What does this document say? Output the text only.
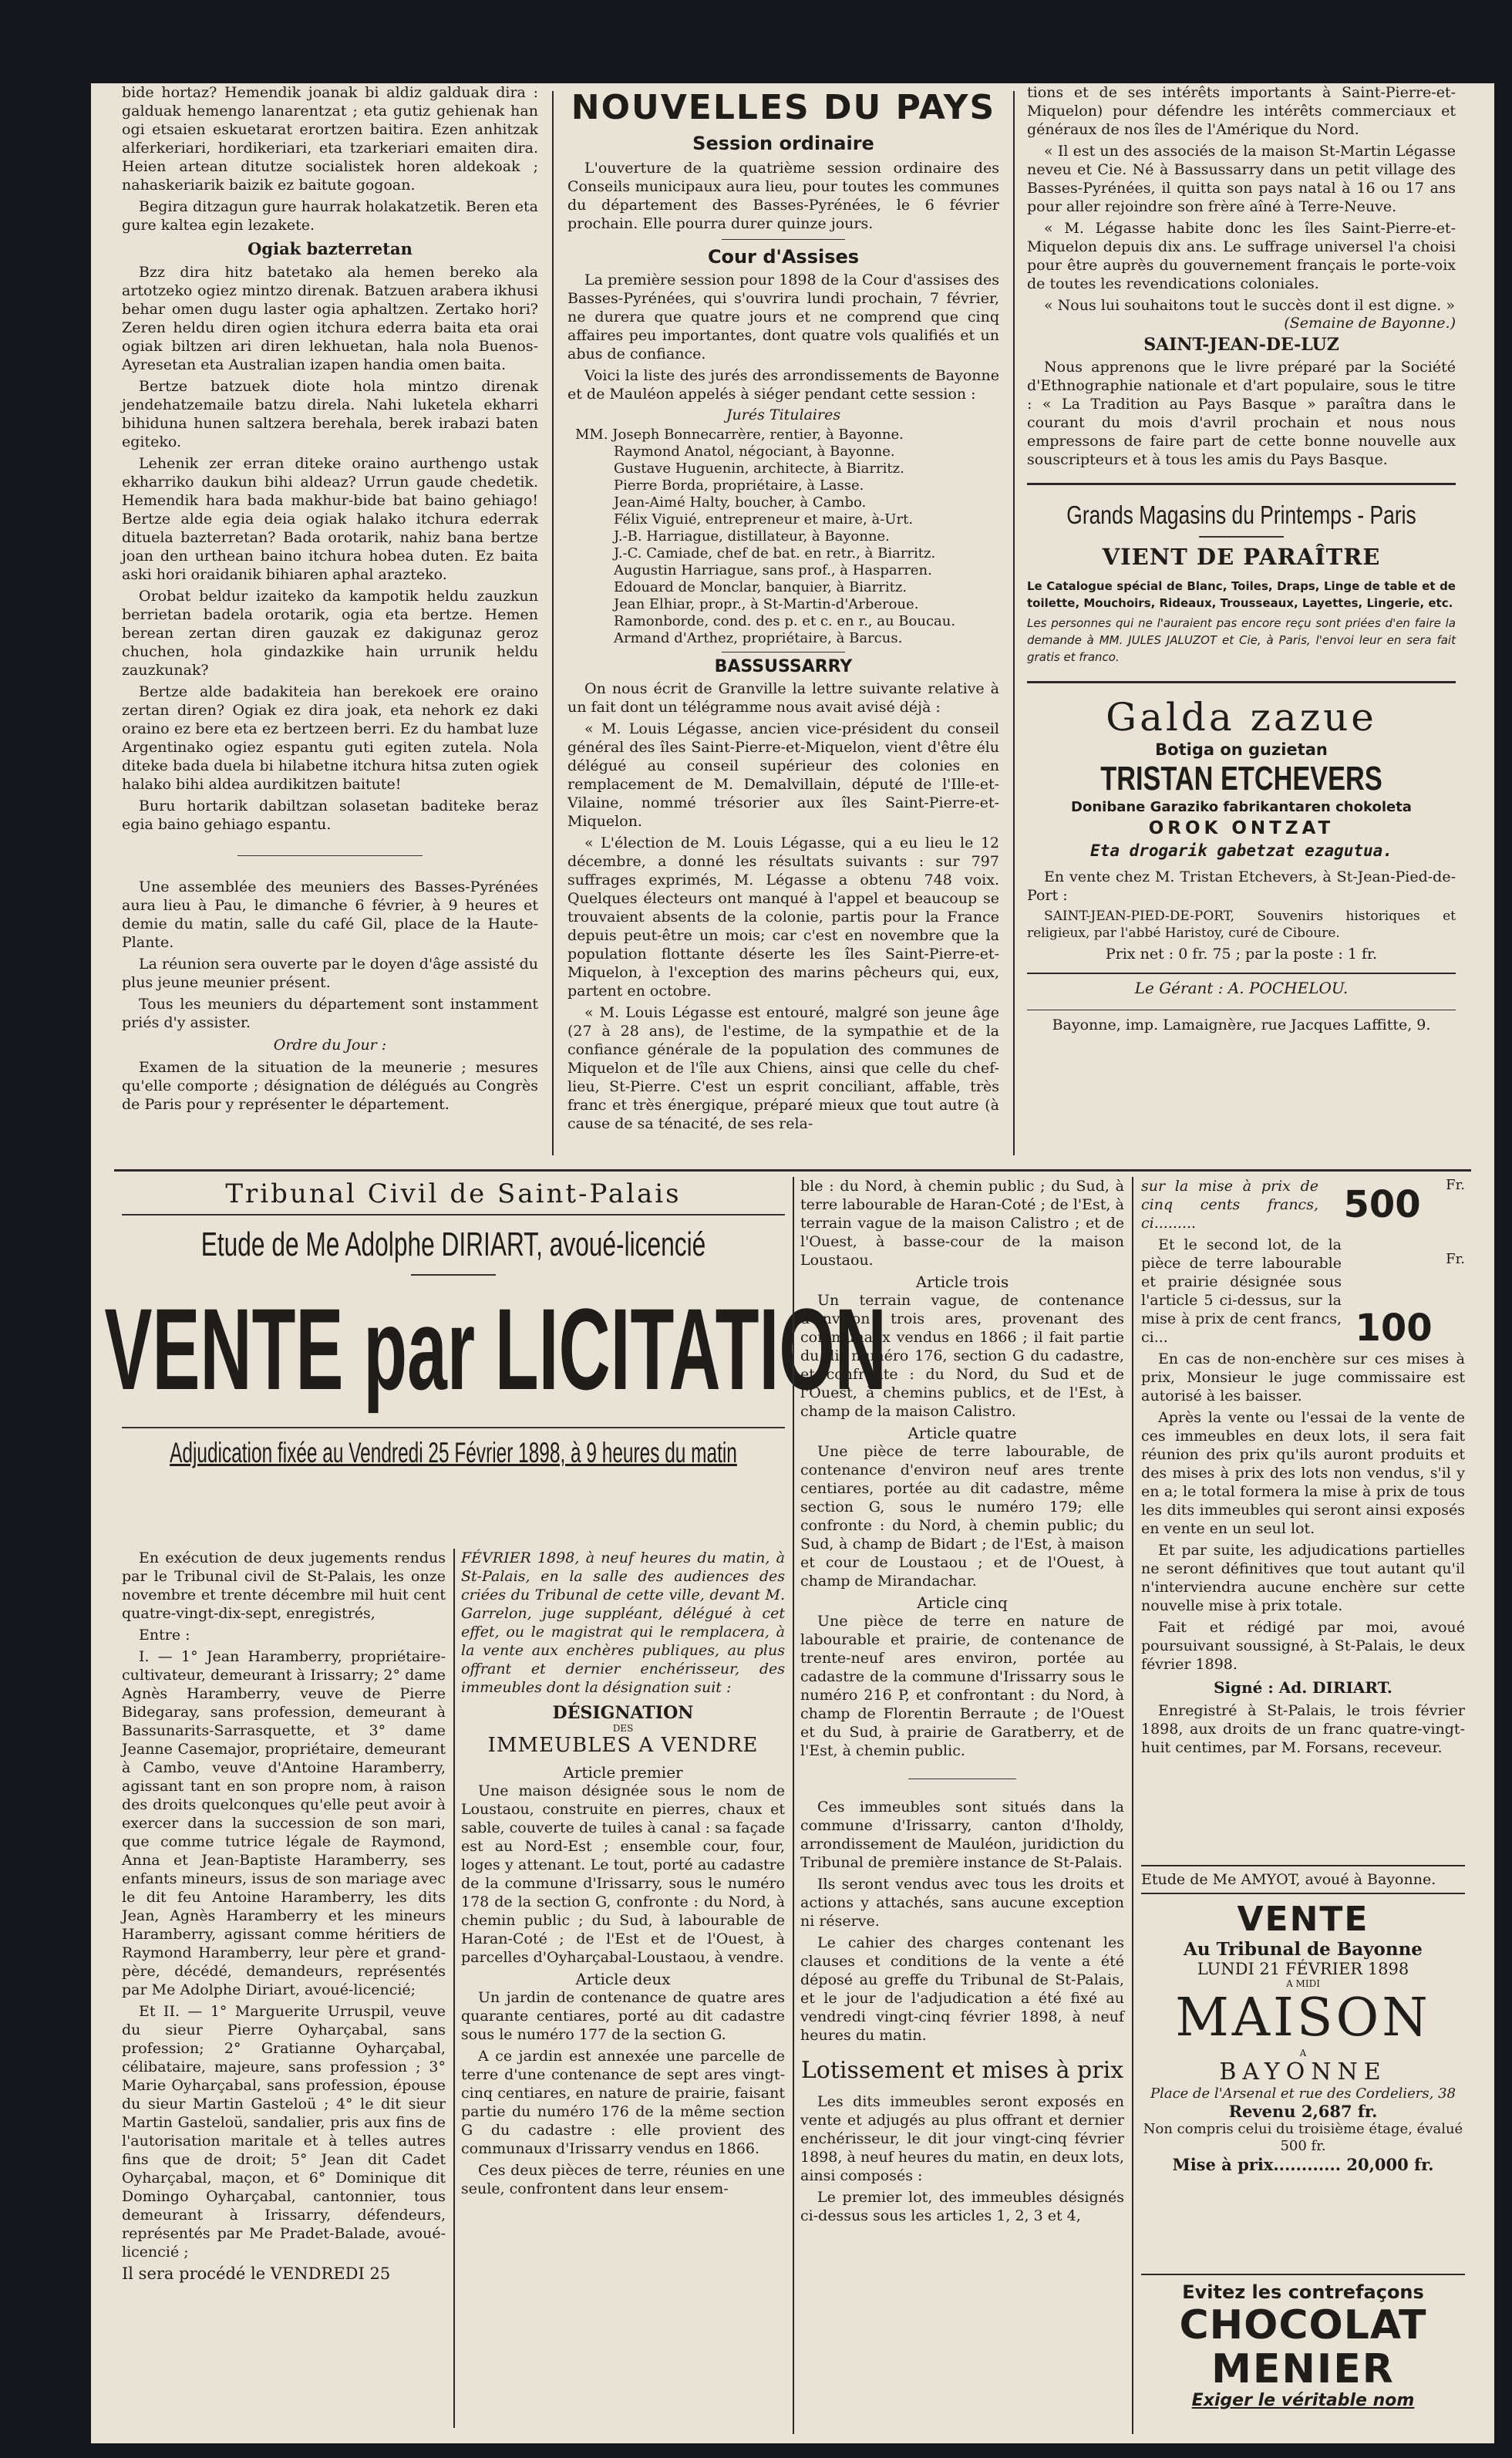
bide hortaz? Hemendik joanak bi aldiz galduak dira : galduak hemengo lanarentzat ; eta gutiz gehienak han ogi etsaien eskuetarat erortzen baitira. Ezen anhitzak alferkeriari, hordikeriari, eta tzarkeriari emaiten dira. Heien artean ditutze socialistek horen aldekoak ; nahaskeriarik baizik ez baitute gogoan.

Begira ditzagun gure haurrak holakatzetik. Beren eta gure kaltea egin lezakete.

Ogiak bazterretan

Bzz dira hitz batetako ala hemen bereko ala artotzeko ogiez mintzo direnak. Batzuen arabera ikhusi behar omen dugu laster ogia aphaltzen. Zertako hori? Zeren heldu diren ogien itchura ederra baita eta orai ogiak biltzen ari diren lekhuetan, hala nola Buenos-Ayresetan eta Australian izapen handia omen baita.

Bertze batzuek diote hola mintzo direnak jendehatzemaile batzu direla. Nahi luketela ekharri bihiduna hunen saltzera berehala, berek irabazi baten egiteko.

Lehenik zer erran diteke oraino aurthengo ustak ekharriko daukun bihi aldeaz? Urrun gaude chedetik. Hemendik hara bada makhur-bide bat baino gehiago! Bertze alde egia deia ogiak halako itchura ederrak dituela bazterretan? Bada orotarik, nahiz bana bertze joan den urthean baino itchura hobea duten. Ez baita aski hori oraidanik bihiaren aphal arazteko.

Orobat beldur izaiteko da kampotik heldu zauzkun berrietan badela orotarik, ogia eta bertze. Hemen berean zertan diren gauzak ez dakigunaz geroz chuchen, hola gindazkike hain urrunik heldu zauzkunak?

Bertze alde badakiteia han berekoek ere oraino zertan diren? Ogiak ez dira joak, eta nehork ez daki oraino ez bere eta ez bertzeen berri. Ez du hambat luze Argentinako ogiez espantu guti egiten zutela. Nola diteke bada duela bi hilabetne itchura hitsa zuten ogiek halako bihi aldea aurdikitzen baitute!

Buru hortarik dabiltzan solasetan baditeke beraz egia baino gehiago espantu.

Une assemblée des meuniers des Basses-Pyrénées aura lieu à Pau, le dimanche 6 février, à 9 heures et demie du matin, salle du café Gil, place de la Haute-Plante.

La réunion sera ouverte par le doyen d'âge assisté du plus jeune meunier présent.

Tous les meuniers du département sont instamment priés d'y assister.

Ordre du Jour :

Examen de la situation de la meunerie ; mesures qu'elle comporte ; désignation de délégués au Congrès de Paris pour y représenter le département.

NOUVELLES DU PAYS
Session ordinaire

L'ouverture de la quatrième session ordinaire des Conseils municipaux aura lieu, pour toutes les communes du département des Basses-Pyrénées, le 6 février prochain. Elle pourra durer quinze jours.

Cour d'Assises

La première session pour 1898 de la Cour d'assises des Basses-Pyrénées, qui s'ouvrira lundi prochain, 7 février, ne durera que quatre jours et ne comprend que cinq affaires peu importantes, dont quatre vols qualifiés et un abus de confiance.

Voici la liste des jurés des arrondissements de Bayonne et de Mauléon appelés à siéger pendant cette session :

Jurés Titulaires

MM. Joseph Bonnecarrère, rentier, à Bayonne.

Raymond Anatol, négociant, à Bayonne.

Gustave Huguenin, architecte, à Biarritz.

Pierre Borda, propriétaire, à Lasse.

Jean-Aimé Halty, boucher, à Cambo.

Félix Viguié, entrepreneur et maire, à-Urt.

J.-B. Harriague, distillateur, à Bayonne.

J.-C. Camiade, chef de bat. en retr., à Biarritz.

Augustin Harriague, sans prof., à Hasparren.

Edouard de Monclar, banquier, à Biarritz.

Jean Elhiar, propr., à St-Martin-d'Arberoue.

Ramonborde, cond. des p. et c. en r., au Boucau.

Armand d'Arthez, propriétaire, à Barcus.

BASSUSSARRY

On nous écrit de Granville la lettre suivante relative à un fait dont un télégramme nous avait avisé déjà :

« M. Louis Légasse, ancien vice-président du conseil général des îles Saint-Pierre-et-Miquelon, vient d'être élu délégué au conseil supérieur des colonies en remplacement de M. Demalvillain, député de l'Ille-et-Vilaine, nommé trésorier aux îles Saint-Pierre-et-Miquelon.

« L'élection de M. Louis Légasse, qui a eu lieu le 12 décembre, a donné les résultats suivants : sur 797 suffrages exprimés, M. Légasse a obtenu 748 voix. Quelques électeurs ont manqué à l'appel et beaucoup se trouvaient absents de la colonie, partis pour la France depuis peut-être un mois; car c'est en novembre que la population flottante déserte les îles Saint-Pierre-et-Miquelon, à l'exception des marins pêcheurs qui, eux, partent en octobre.

« M. Louis Légasse est entouré, malgré son jeune âge (27 à 28 ans), de l'estime, de la sympathie et de la confiance générale de la population des communes de Miquelon et de l'île aux Chiens, ainsi que celle du chef-lieu, St-Pierre. C'est un esprit conciliant, affable, très franc et très énergique, préparé mieux que tout autre (à cause de sa ténacité, de ses rela-

tions et de ses intérêts importants à Saint-Pierre-et-Miquelon) pour défendre les intérêts commerciaux et généraux de nos îles de l'Amérique du Nord.

« Il est un des associés de la maison St-Martin Légasse neveu et Cie. Né à Bassussarry dans un petit village des Basses-Pyrénées, il quitta son pays natal à 16 ou 17 ans pour aller rejoindre son frère aîné à Terre-Neuve.

« M. Légasse habite donc les îles Saint-Pierre-et-Miquelon depuis dix ans. Le suffrage universel l'a choisi pour être auprès du gouvernement français le porte-voix de toutes les revendications coloniales.

« Nous lui souhaitons tout le succès dont il est digne. »

(Semaine de Bayonne.)
SAINT-JEAN-DE-LUZ

Nous apprenons que le livre préparé par la Société d'Ethnographie nationale et d'art populaire, sous le titre : « La Tradition au Pays Basque » paraîtra dans le courant du mois d'avril prochain et nous nous empressons de faire part de cette bonne nouvelle aux souscripteurs et à tous les amis du Pays Basque.

Grands Magasins du Printemps - Paris
VIENT DE PARAÎTRE

Le Catalogue spécial de Blanc, Toiles, Draps, Linge de table et de toilette, Mouchoirs, Rideaux, Trousseaux, Layettes, Lingerie, etc.

Les personnes qui ne l'auraient pas encore reçu sont priées d'en faire la demande à MM. JULES JALUZOT et Cie, à Paris, l'envoi leur en sera fait gratis et franco.

Galda zazue
Botiga on guzietan
TRISTAN ETCHEVERS
Donibane Garaziko fabrikantaren chokoleta
OROK ONTZAT
Eta drogarik gabetzat ezagutua.

En vente chez M. Tristan Etchevers, à St-Jean-Pied-de-Port :

SAINT-JEAN-PIED-DE-PORT, Souvenirs historiques et religieux, par l'abbé Haristoy, curé de Ciboure.

Prix net : 0 fr. 75 ; par la poste : 1 fr.

Le Gérant : A. POCHELOU.
Bayonne, imp. Lamaignère, rue Jacques Laffitte, 9.
Tribunal Civil de Saint-Palais
Etude de Me Adolphe DIRIART, avoué-licencié
VENTE par LICITATION
Adjudication fixée au Vendredi 25 Février 1898, à 9 heures du matin

En exécution de deux jugements rendus par le Tribunal civil de St-Palais, les onze novembre et trente décembre mil huit cent quatre-vingt-dix-sept, enregistrés,

Entre :

I. — 1° Jean Haramberry, propriétaire-cultivateur, demeurant à Irissarry; 2° dame Agnès Haramberry, veuve de Pierre Bidegaray, sans profession, demeurant à Bassunarits-Sarrasquette, et 3° dame Jeanne Casemajor, propriétaire, demeurant à Cambo, veuve d'Antoine Haramberry, agissant tant en son propre nom, à raison des droits quelconques qu'elle peut avoir à exercer dans la succession de son mari, que comme tutrice légale de Raymond, Anna et Jean-Baptiste Haramberry, ses enfants mineurs, issus de son mariage avec le dit feu Antoine Haramberry, les dits Jean, Agnès Haramberry et les mineurs Haramberry, agissant comme héritiers de Raymond Haramberry, leur père et grand-père, décédé, demandeurs, représentés par Me Adolphe Diriart, avoué-licencié;

Et II. — 1° Marguerite Urruspil, veuve du sieur Pierre Oyharçabal, sans profession; 2° Gratianne Oyharçabal, célibataire, majeure, sans profession ; 3° Marie Oyharçabal, sans profession, épouse du sieur Martin Gasteloü ; 4° le dit sieur Martin Gasteloü, sandalier, pris aux fins de l'autorisation maritale et à telles autres fins que de droit; 5° Jean dit Cadet Oyharçabal, maçon, et 6° Dominique dit Domingo Oyharçabal, cantonnier, tous demeurant à Irissarry, défendeurs, représentés par Me Pradet-Balade, avoué-licencié ;

Il sera procédé le VENDREDI 25

FÉVRIER 1898, à neuf heures du matin, à St-Palais, en la salle des audiences des criées du Tribunal de cette ville, devant M. Garrelon, juge suppléant, délégué à cet effet, ou le magistrat qui le remplacera, à la vente aux enchères publiques, au plus offrant et dernier enchérisseur, des immeubles dont la désignation suit :

DÉSIGNATION
DES
IMMEUBLES A VENDRE
Article premier

Une maison désignée sous le nom de Loustaou, construite en pierres, chaux et sable, couverte de tuiles à canal : sa façade est au Nord-Est ; ensemble cour, four, loges y attenant. Le tout, porté au cadastre de la commune d'Irissarry, sous le numéro 178 de la section G, confronte : du Nord, à chemin public ; du Sud, à labourable de Haran-Coté ; de l'Est et de l'Ouest, à parcelles d'Oyharçabal-Loustaou, à vendre.

Article deux

Un jardin de contenance de quatre ares quarante centiares, porté au dit cadastre sous le numéro 177 de la section G.

A ce jardin est annexée une parcelle de terre d'une contenance de sept ares vingt-cinq centiares, en nature de prairie, faisant partie du numéro 176 de la même section G du cadastre : elle provient des communaux d'Irissarry vendus en 1866.

Ces deux pièces de terre, réunies en une seule, confrontent dans leur ensem-

ble : du Nord, à chemin public ; du Sud, à terre labourable de Haran-Coté ; de l'Est, à terrain vague de la maison Calistro ; et de l'Ouest, à basse-cour de la maison Loustaou.

Article trois

Un terrain vague, de contenance d'environ trois ares, provenant des communaux vendus en 1866 ; il fait partie du dit numéro 176, section G du cadastre, et confronte : du Nord, du Sud et de l'Ouest, à chemins publics, et de l'Est, à champ de la maison Calistro.

Article quatre

Une pièce de terre labourable, de contenance d'environ neuf ares trente centiares, portée au dit cadastre, même section G, sous le numéro 179; elle confronte : du Nord, à chemin public; du Sud, à champ de Bidart ; de l'Est, à maison et cour de Loustaou ; et de l'Ouest, à champ de Mirandachar.

Article cinq

Une pièce de terre en nature de labourable et prairie, de contenance de trente-neuf ares environ, portée au cadastre de la commune d'Irissarry sous le numéro 216 P, et confrontant : du Nord, à champ de Florentin Berraute ; de l'Ouest et du Sud, à prairie de Garatberry, et de l'Est, à chemin public.

Ces immeubles sont situés dans la commune d'Irissarry, canton d'Iholdy, arrondissement de Mauléon, juridiction du Tribunal de première instance de St-Palais.

Ils seront vendus avec tous les droits et actions y attachés, sans aucune exception ni réserve.

Le cahier des charges contenant les clauses et conditions de la vente a été déposé au greffe du Tribunal de St-Palais, et le jour de l'adjudication a été fixé au vendredi vingt-cinq février 1898, à neuf heures du matin.

Lotissement et mises à prix

Les dits immeubles seront exposés en vente et adjugés au plus offrant et dernier enchérisseur, le dit jour vingt-cinq février 1898, à neuf heures du matin, en deux lots, ainsi composés :

Le premier lot, des immeubles désignés ci-dessus sous les articles 1, 2, 3 et 4,

sur la mise à prix de cinq cents francs, ci.........	500 Fr.

Et le second lot, de la pièce de terre labourable et prairie désignée sous l'article 5 ci-dessus, sur la mise à prix de cent francs, ci...	100
Fr.

En cas de non-enchère sur ces mises à prix, Monsieur le juge commissaire est autorisé à les baisser.

Après la vente ou l'essai de la vente de ces immeubles en deux lots, il sera fait réunion des prix qu'ils auront produits et des mises à prix des lots non vendus, s'il y en a; le total formera la mise à prix de tous les dits immeubles qui seront ainsi exposés en vente en un seul lot.

Et par suite, les adjudications partielles ne seront définitives que tout autant qu'il n'interviendra aucune enchère sur cette nouvelle mise à prix totale.

Fait et rédigé par moi, avoué poursuivant soussigné, à St-Palais, le deux février 1898.

Signé : Ad. DIRIART.

Enregistré à St-Palais, le trois février 1898, aux droits de un franc quatre-vingt-huit centimes, par M. Forsans, receveur.

Etude de Me AMYOT, avoué à Bayonne.
VENTE
Au Tribunal de Bayonne
LUNDI 21 FÉVRIER 1898
A MIDI
MAISON
A
BAYONNE
Place de l'Arsenal et rue des Cordeliers, 38
Revenu 2,687 fr.
Non compris celui du troisième étage, évalué 500 fr.
Mise à prix............ 20,000 fr.
Evitez les contrefaçons
CHOCOLAT
MENIER
Exiger le véritable nom
